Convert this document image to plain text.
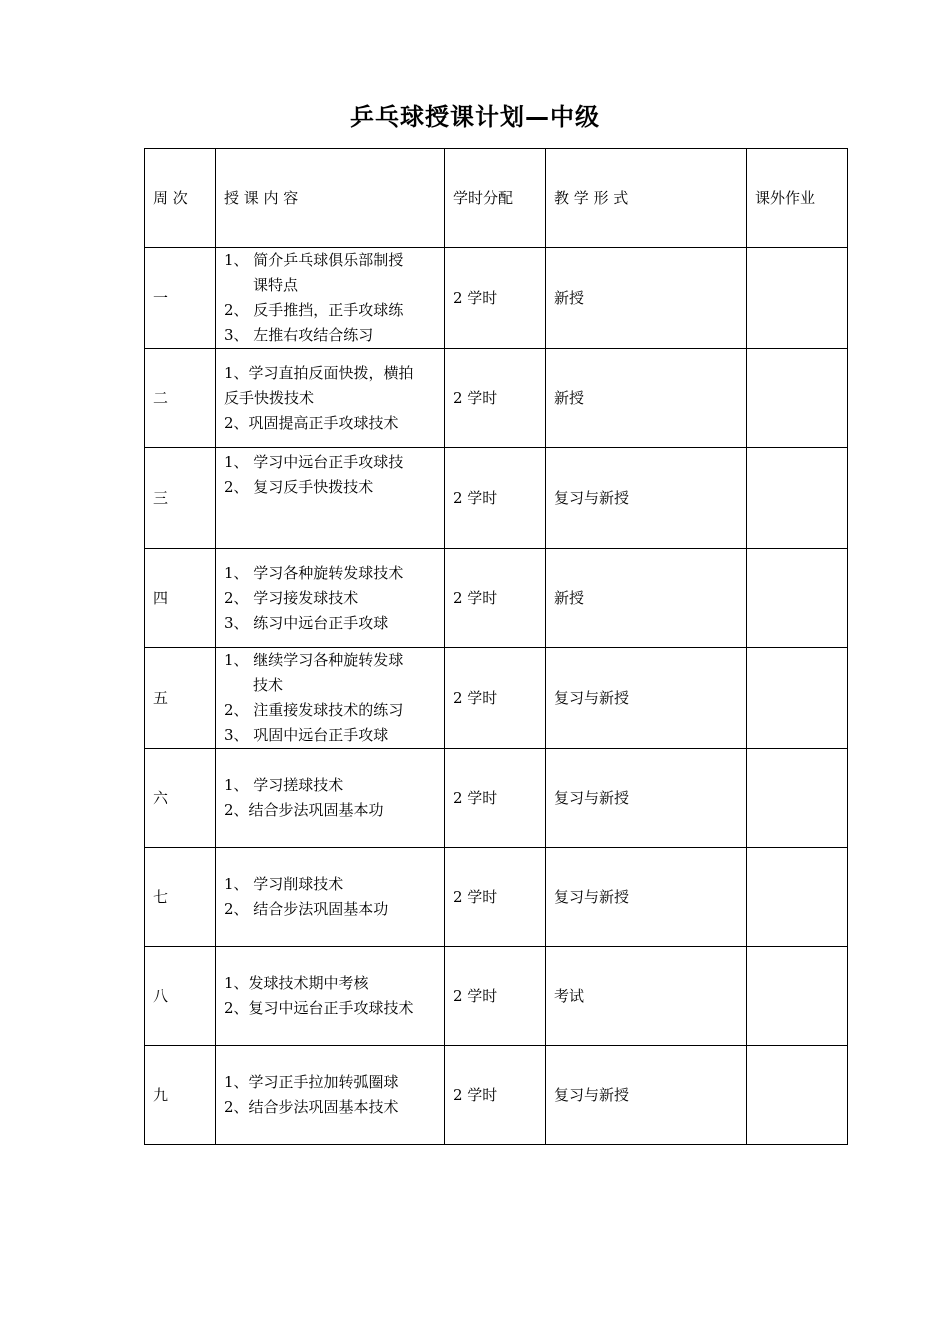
乒乓球授课计划—中级
周 次	授 课 内 容	学时分配	教 学 形 式	课外作业
一	1、 简介乒乓球俱乐部制授
课特点
2、 反手推挡，正手攻球练
3、 左推右攻结合练习	2 学时	新授	
二	1、学习直拍反面快拨，横拍
反手快拨技术
2、巩固提高正手攻球技术	2 学时	新授	
三	1、 学习中远台正手攻球技
2、 复习反手快拨技术	2 学时	复习与新授	
四	1、 学习各种旋转发球技术
2、 学习接发球技术
3、 练习中远台正手攻球	2 学时	新授	
五	1、 继续学习各种旋转发球
技术
2、 注重接发球技术的练习
3、 巩固中远台正手攻球	2 学时	复习与新授	
六	1、 学习搓球技术
2、结合步法巩固基本功	2 学时	复习与新授	
七	1、 学习削球技术
2、 结合步法巩固基本功	2 学时	复习与新授	
八	1、发球技术期中考核
2、复习中远台正手攻球技术	2 学时	考试	
九	1、学习正手拉加转弧圈球
2、结合步法巩固基本技术	2 学时	复习与新授	
